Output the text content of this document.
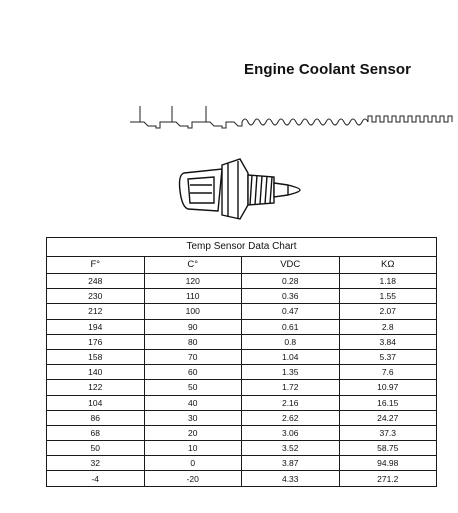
Engine Coolant Sensor
Temp Sensor Data Chart			
F°	C°	VDC	KΩ
248	120	0.28	1.18
230	110	0.36	1.55
212	100	0.47	2.07
194	90	0.61	2.8
176	80	0.8	3.84
158	70	1.04	5.37
140	60	1.35	7.6
122	50	1.72	10.97
104	40	2.16	16.15
86	30	2.62	24.27
68	20	3.06	37.3
50	10	3.52	58.75
32	0	3.87	94.98
-4	-20	4.33	271.2
